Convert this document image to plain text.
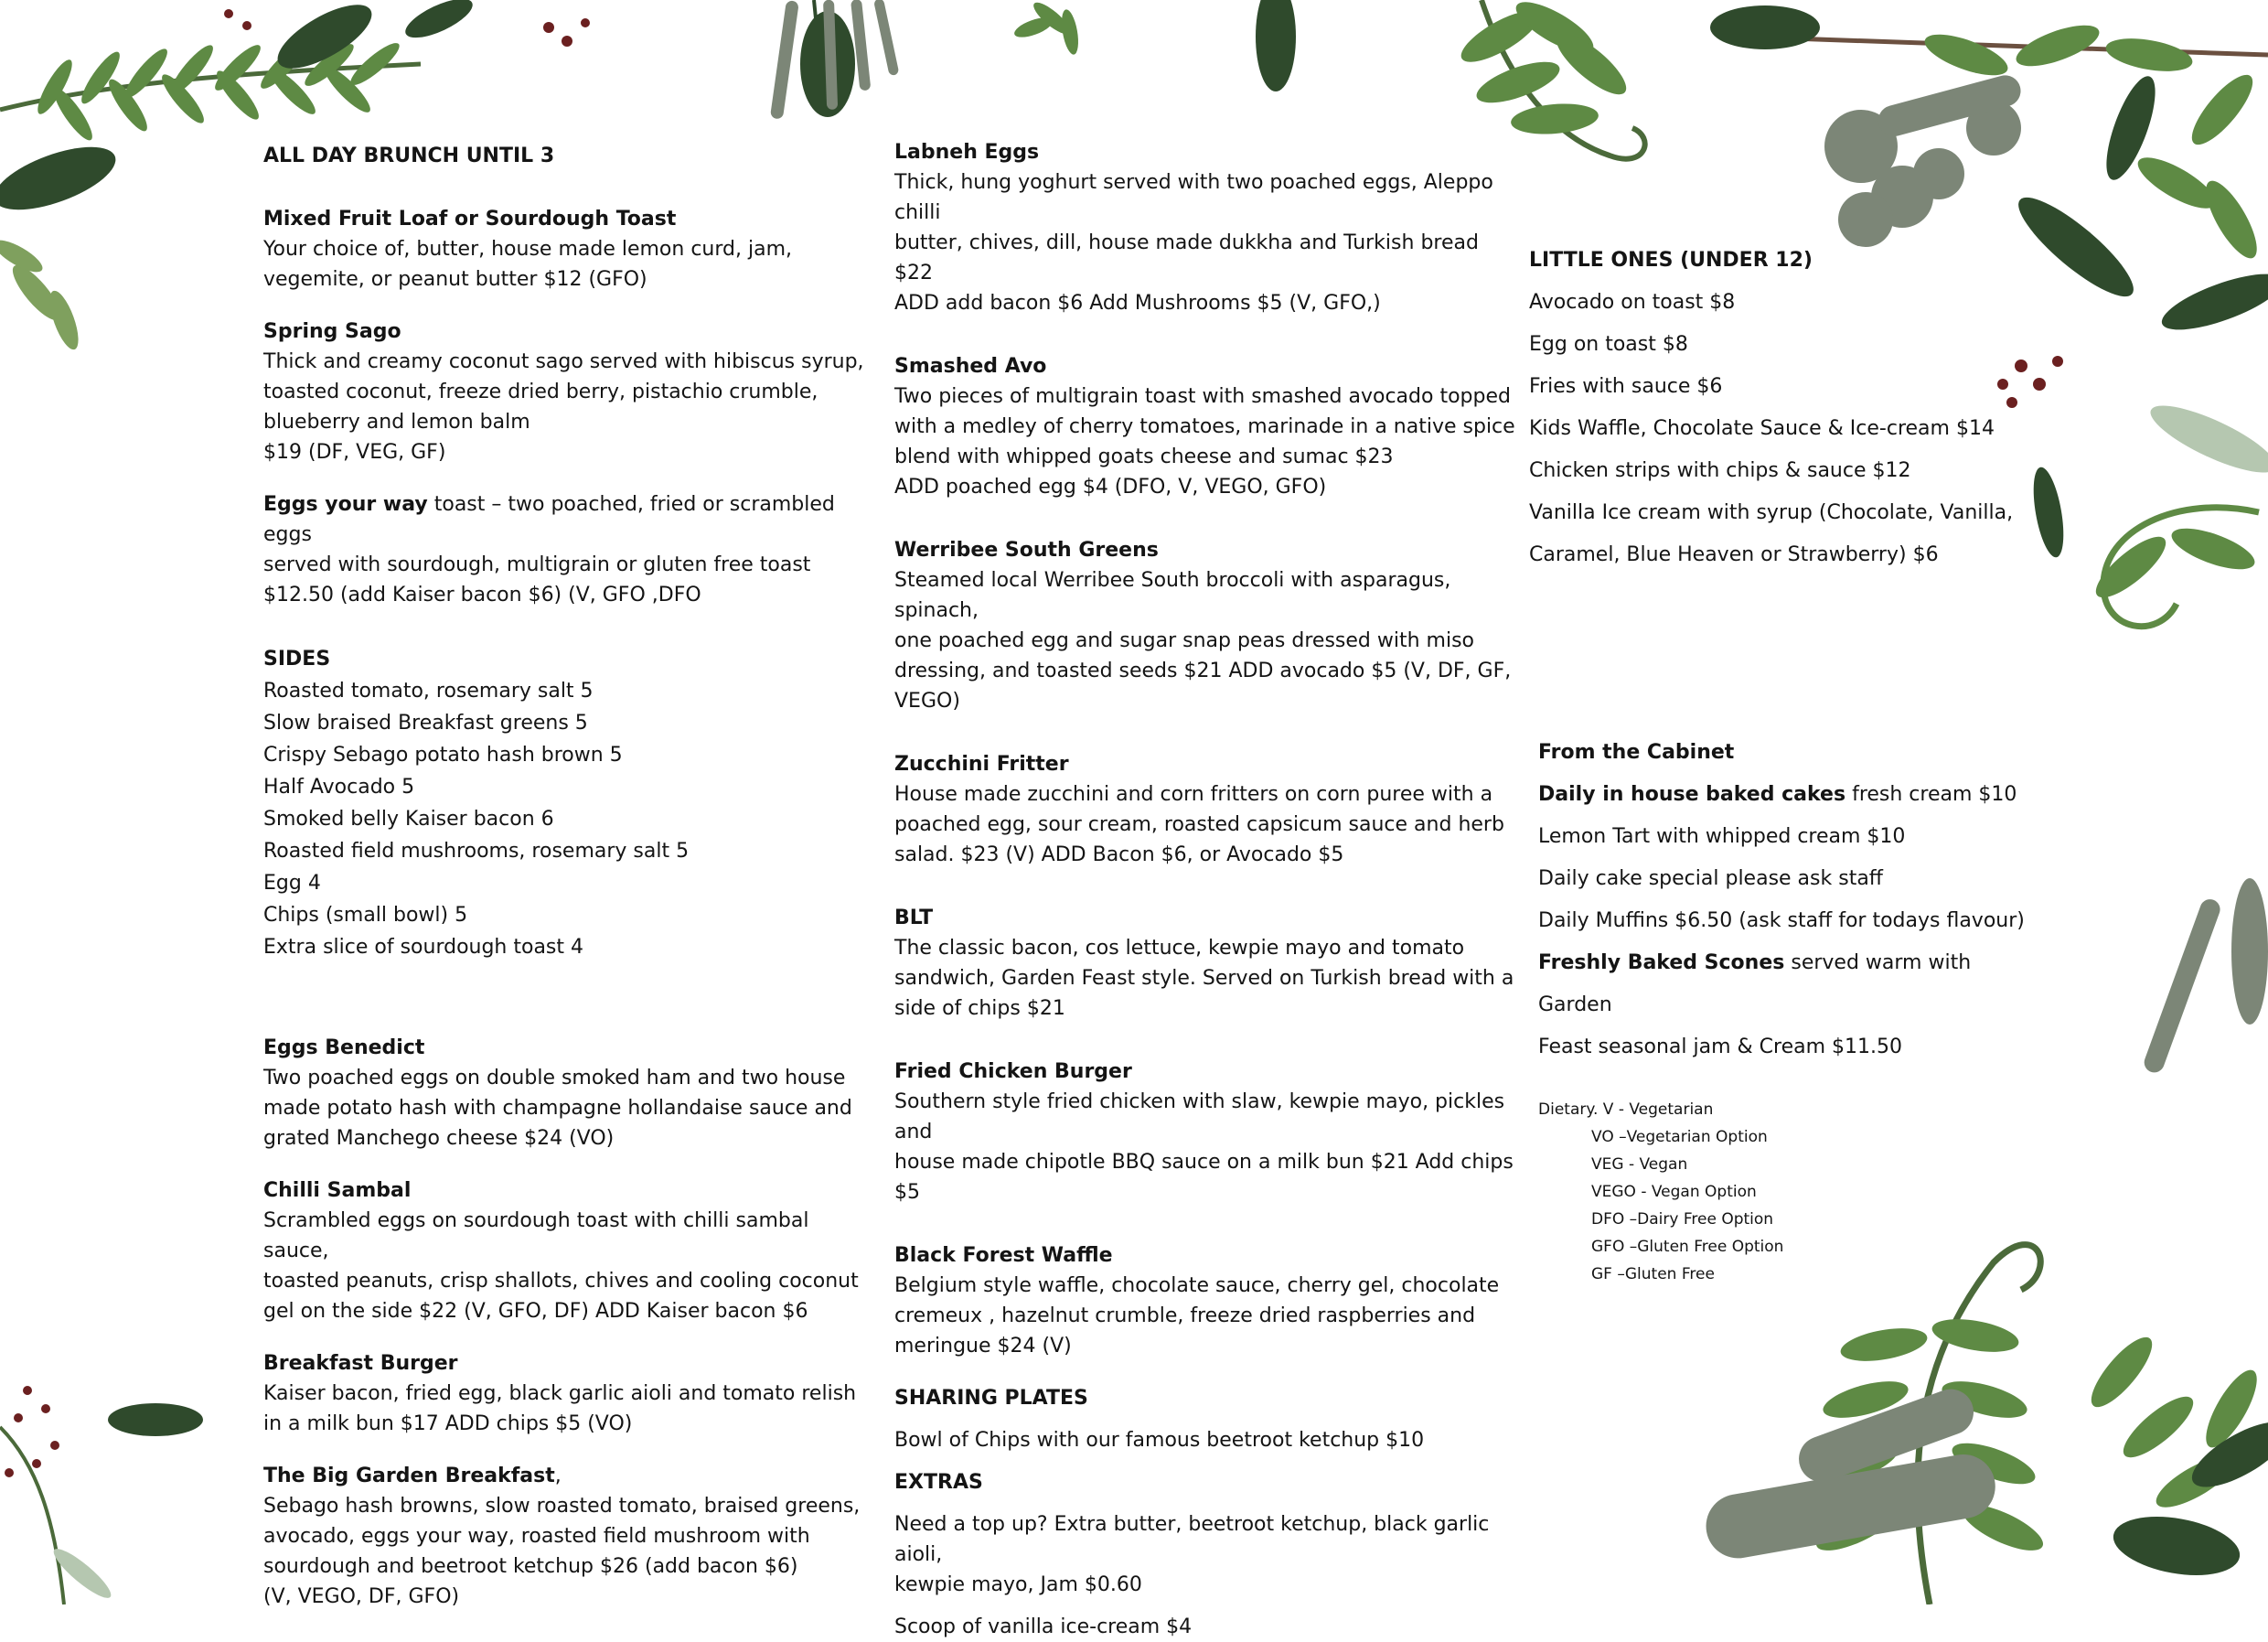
ALL DAY BRUNCH UNTIL 3

Mixed Fruit Loaf or Sourdough Toast

Your choice of, butter, house made lemon curd, jam,

vegemite, or peanut butter $12 (GFO)

Spring Sago

Thick and creamy coconut sago served with hibiscus syrup,

toasted coconut, freeze dried berry, pistachio crumble,

blueberry and lemon balm

$19 (DF, VEG, GF)

Eggs your way toast – two poached, fried or scrambled eggs

served with sourdough, multigrain or gluten free toast

$12.50 (add Kaiser bacon $6) (V, GFO ,DFO

SIDES

Roasted tomato, rosemary salt 5

Slow braised Breakfast greens 5

Crispy Sebago potato hash brown 5

Half Avocado 5

Smoked belly Kaiser bacon 6

Roasted field mushrooms, rosemary salt 5

Egg 4

Chips (small bowl) 5

Extra slice of sourdough toast 4

Eggs Benedict

Two poached eggs on double smoked ham and two house

made potato hash with champagne hollandaise sauce and

grated Manchego cheese $24 (VO)

Chilli Sambal

Scrambled eggs on sourdough toast with chilli sambal sauce,

toasted peanuts, crisp shallots, chives and cooling coconut

gel on the side $22 (V, GFO, DF) ADD Kaiser bacon $6

Breakfast Burger

Kaiser bacon, fried egg, black garlic aioli and tomato relish

in a milk bun $17 ADD chips $5 (VO)

The Big Garden Breakfast,

Sebago hash browns, slow roasted tomato, braised greens,

avocado, eggs your way, roasted field mushroom with

sourdough and beetroot ketchup $26 (add bacon $6)

(V, VEGO, DF, GFO)

Labneh Eggs

Thick, hung yoghurt served with two poached eggs, Aleppo chilli

butter, chives, dill, house made dukkha and Turkish bread $22

ADD add bacon $6 Add Mushrooms $5 (V, GFO,)

Smashed Avo

Two pieces of multigrain toast with smashed avocado topped

with a medley of cherry tomatoes, marinade in a native spice

blend with whipped goats cheese and sumac $23

ADD poached egg $4 (DFO, V, VEGO, GFO)

Werribee South Greens

Steamed local Werribee South broccoli with asparagus, spinach,

one poached egg and sugar snap peas dressed with miso

dressing, and toasted seeds $21 ADD avocado $5 (V, DF, GF,

VEGO)

Zucchini Fritter

House made zucchini and corn fritters on corn puree with a

poached egg, sour cream, roasted capsicum sauce and herb

salad. $23 (V) ADD Bacon $6, or Avocado $5

BLT

The classic bacon, cos lettuce, kewpie mayo and tomato

sandwich, Garden Feast style. Served on Turkish bread with a

side of chips $21

Fried Chicken Burger

Southern style fried chicken with slaw, kewpie mayo, pickles and

house made chipotle BBQ sauce on a milk bun $21 Add chips

$5

Black Forest Waffle

Belgium style waffle, chocolate sauce, cherry gel, chocolate

cremeux , hazelnut crumble, freeze dried raspberries and

meringue $24 (V)

SHARING PLATES

Bowl of Chips with our famous beetroot ketchup $10

EXTRAS

Need a top up? Extra butter, beetroot ketchup, black garlic aioli,

kewpie mayo, Jam $0.60

Scoop of vanilla ice-cream $4

LITTLE ONES (UNDER 12)

Avocado on toast $8

Egg on toast $8

Fries with sauce $6

Kids Waffle, Chocolate Sauce & Ice-cream $14

Chicken strips with chips & sauce $12

Vanilla Ice cream with syrup (Chocolate, Vanilla,

Caramel, Blue Heaven or Strawberry) $6

From the Cabinet

Daily in house baked cakes fresh cream $10

Lemon Tart with whipped cream $10

Daily cake special please ask staff

Daily Muffins $6.50 (ask staff for todays flavour)

Freshly Baked Scones served warm with Garden

Feast seasonal jam & Cream $11.50

Dietary. V - Vegetarian

VO –Vegetarian Option

VEG - Vegan

VEGO - Vegan Option

DFO –Dairy Free Option

GFO –Gluten Free Option

GF –Gluten Free
